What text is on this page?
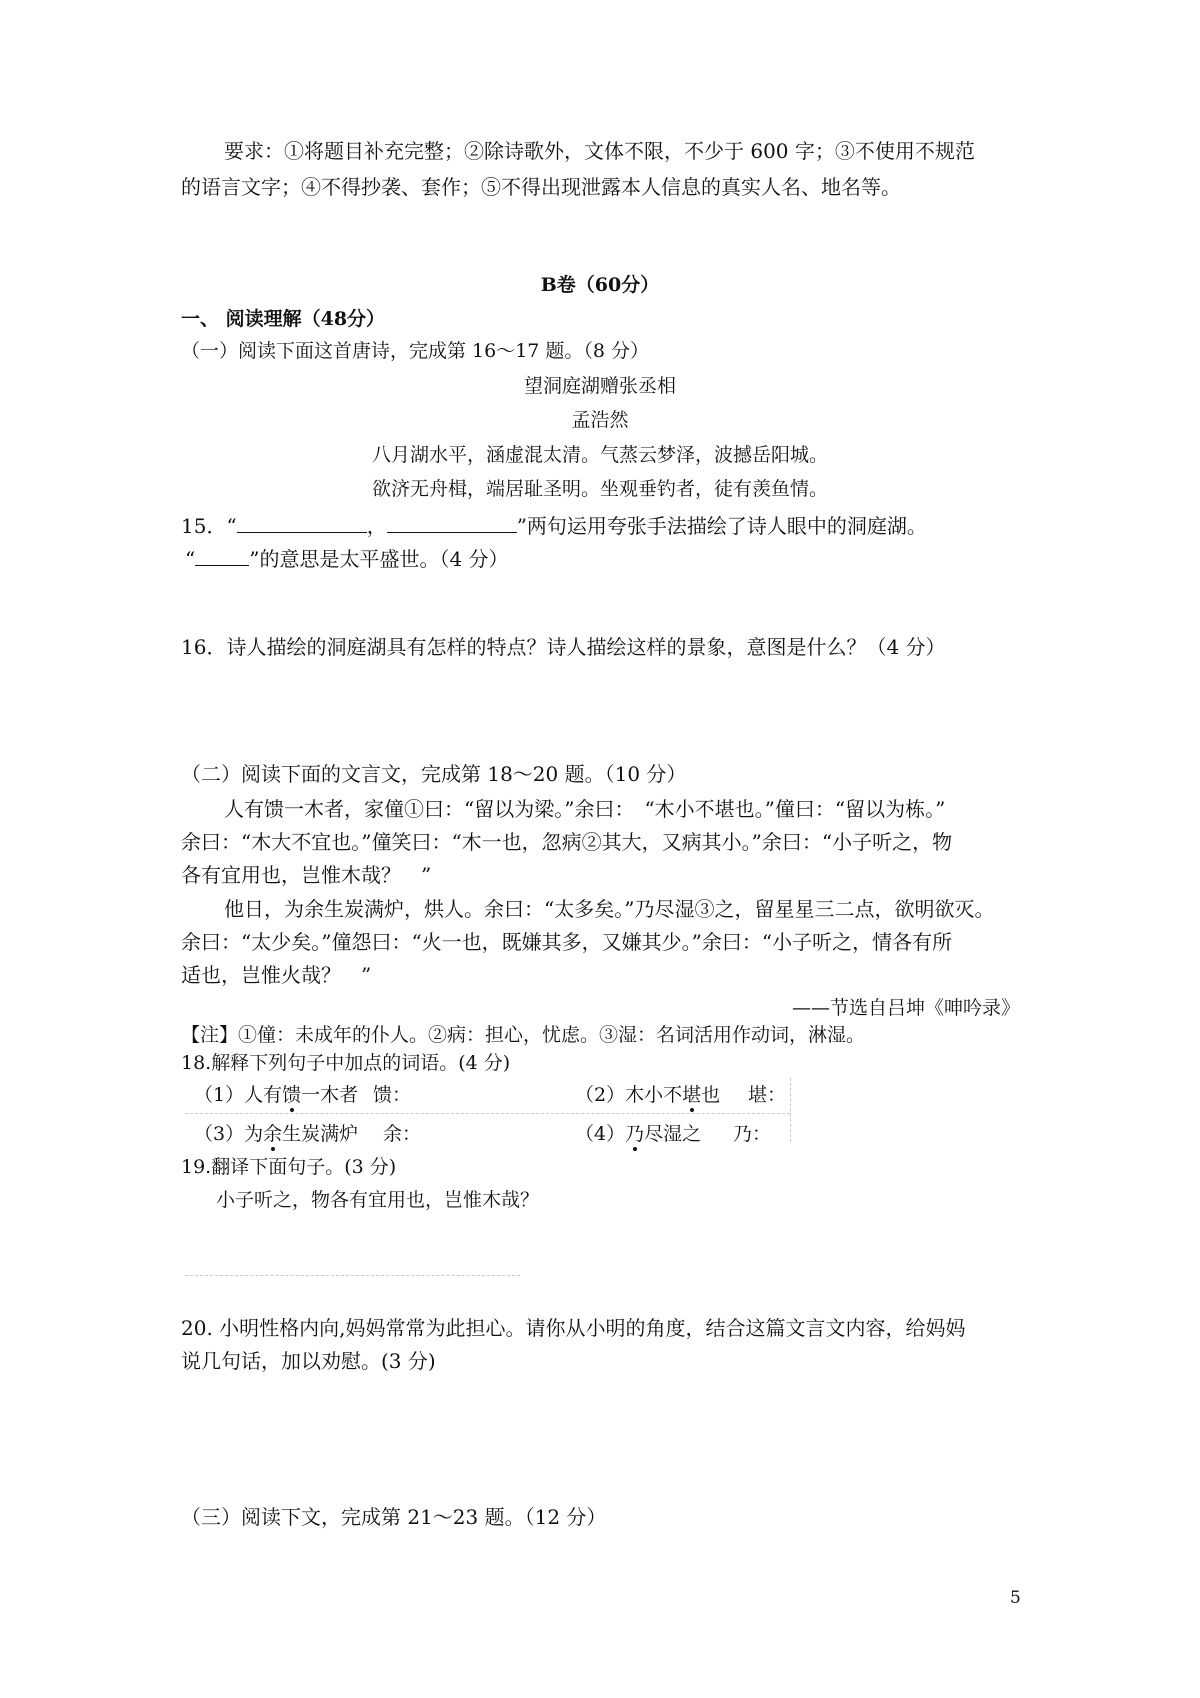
要求：①将题目补充完整；②除诗歌外，文体不限，不少于 600 字；③不使用不规范
的语言文字；④不得抄袭、套作；⑤不得出现泄露本人信息的真实人名、地名等。
B卷（60分）
一、 阅读理解（48分）
（一）阅读下面这首唐诗，完成第 16～17 题。（8 分）
望洞庭湖赠张丞相
孟浩然
八月湖水平，涵虚混太清。气蒸云梦泽，波撼岳阳城。
欲济无舟楫，端居耻圣明。坐观垂钓者，徒有羡鱼情。
15．“	，	”两句运用夸张手法描绘了诗人眼中的洞庭湖。
“	”的意思是太平盛世。（4 分）
16．诗人描绘的洞庭湖具有怎样的特点？诗人描绘这样的景象，意图是什么？（4 分）
（二）阅读下面的文言文，完成第 18～20 题。（10 分）
人有馈一木者，家僮①曰：“留以为梁。”余曰：　“木小不堪也。”僮曰：“留以为栋。”
余曰：“木大不宜也。”僮笑曰：“木一也，忽病②其大，又病其小。”余曰：“小子听之，物
各有宜用也，岂惟木哉？　”
他日，为余生炭满炉，烘人。余曰：“太多矣。”乃尽湿③之，留星星三二点，欲明欲灭。
余曰：“太少矣。”僮怨曰：“火一也，既嫌其多，又嫌其少。”余曰：“小子听之，情各有所
适也，岂惟火哉？　”
——节选自吕坤《呻吟录》
【注】①僮：未成年的仆人。②病：担心，忧虑。③湿：名词活用作动词，淋湿。
18.解释下列句子中加点的词语。(4 分)
（1）人有馈一木者 馈：	（2）木小不堪也 堪：
（3）为余生炭满炉 余：	（4）乃尽湿之 乃：
19.翻译下面句子。(3 分)
小子听之，物各有宜用也，岂惟木哉？
20. 小明性格内向,妈妈常常为此担心。请你从小明的角度，结合这篇文言文内容，给妈妈
说几句话，加以劝慰。(3 分)
（三）阅读下文，完成第 21～23 题。（12 分）
5
